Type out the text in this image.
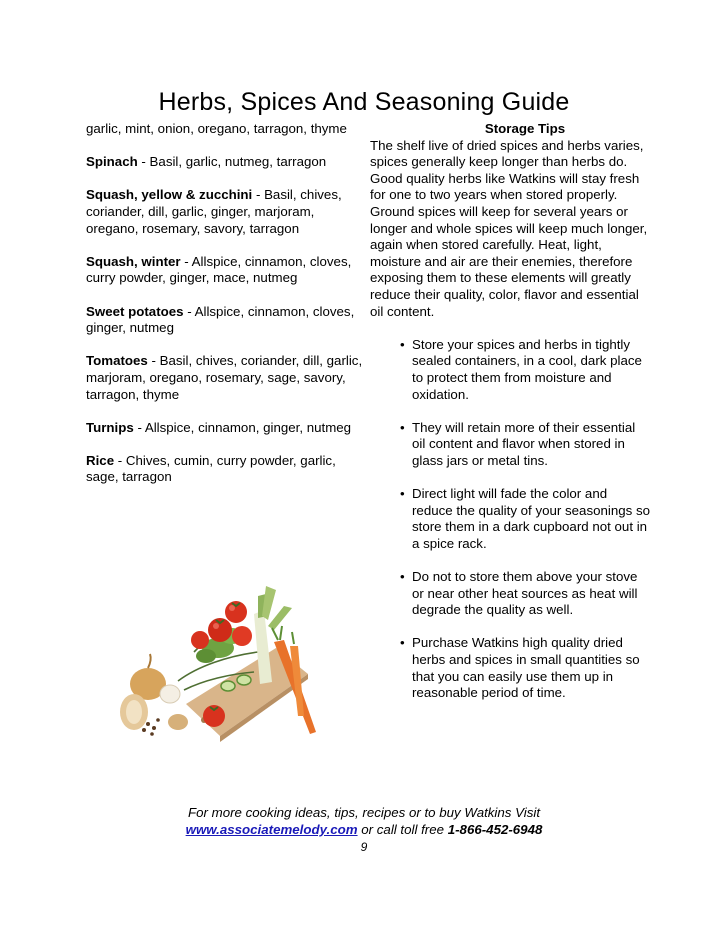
Herbs, Spices And Seasoning Guide

garlic, mint, onion, oregano, tarragon, thyme

Spinach - Basil, garlic, nutmeg, tarragon

Squash, yellow & zucchini - Basil, chives, coriander, dill, garlic, ginger, marjoram, oregano, rosemary, savory, tarragon

Squash, winter - Allspice, cinnamon, cloves, curry powder, ginger, mace, nutmeg

Sweet potatoes - Allspice, cinnamon, cloves, ginger, nutmeg

Tomatoes - Basil, chives, coriander, dill, garlic, marjoram, oregano, rosemary, sage, savory, tarragon, thyme

Turnips - Allspice, cinnamon, ginger, nutmeg

Rice - Chives, cumin, curry powder, garlic, sage, tarragon

Storage Tips

The shelf live of dried spices and herbs varies, spices generally keep longer than herbs do. Good quality herbs like Watkins will stay fresh for one to two years when stored properly. Ground spices will keep for several years or longer and whole spices will keep much longer, again when stored carefully. Heat, light, moisture and air are their enemies, therefore exposing them to these elements will greatly reduce their quality, color, flavor and essential oil content.

• Store your spices and herbs in tightly sealed containers, in a cool, dark place to protect them from moisture and oxidation.
• They will retain more of their essential oil content and flavor when stored in glass jars or metal tins.
• Direct light will fade the color and reduce the quality of your seasonings so store them in a dark cupboard not out in a spice rack.
• Do not to store them above your stove or near other heat sources as heat will degrade the quality as well.
• Purchase Watkins high quality dried herbs and spices in small quantities so that you can easily use them up in reasonable period of time.
For more cooking ideas, tips, recipes or to buy Watkins Visit
www.associatemelody.com or call toll free 1-866-452-6948
9
